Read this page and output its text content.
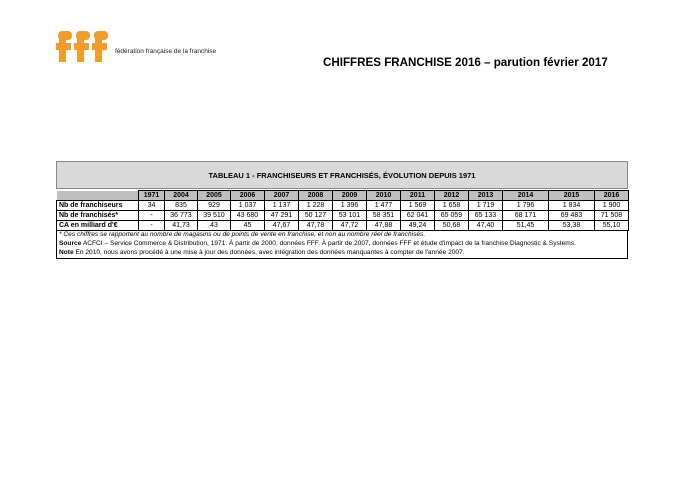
fédération française de la franchise
CHIFFRES FRANCHISE 2016 – parution février 2017
TABLEAU 1 - FRANCHISEURS ET FRANCHISÉS, ÉVOLUTION DEPUIS 1971
	1971	2004	2005	2006	2007	2008	2009	2010	2011	2012	2013	2014	2015	2016
Nb de franchiseurs	34	835	929	1 037	1 137	1 228	1 396	1 477	1 569	1 658	1 719	1 796	1 834	1 900
Nb de franchisés*	-	36 773	39 510	43 680	47 291	50 127	53 101	58 351	62 041	65 059	65 133	68 171	69 483	71 508
CA en milliard d'€	-	41,73	43	45	47,67	47,78	47,72	47,88	49,24	50,68	47,40	51,45	53,38	55,10
* Ces chiffres se rapportent au nombre de magasins ou de points de vente en franchise, et non au nombre réel de franchisés.
Source ACFCI – Service Commerce & Distribution, 1971. À partir de 2000, données FFF. À partir de 2007, données FFF et étude d'impact de la franchise Diagnostic & Systems.
Note En 2010, nous avons procédé à une mise à jour des données, avec intégration des données manquantes à compter de l'année 2007.
